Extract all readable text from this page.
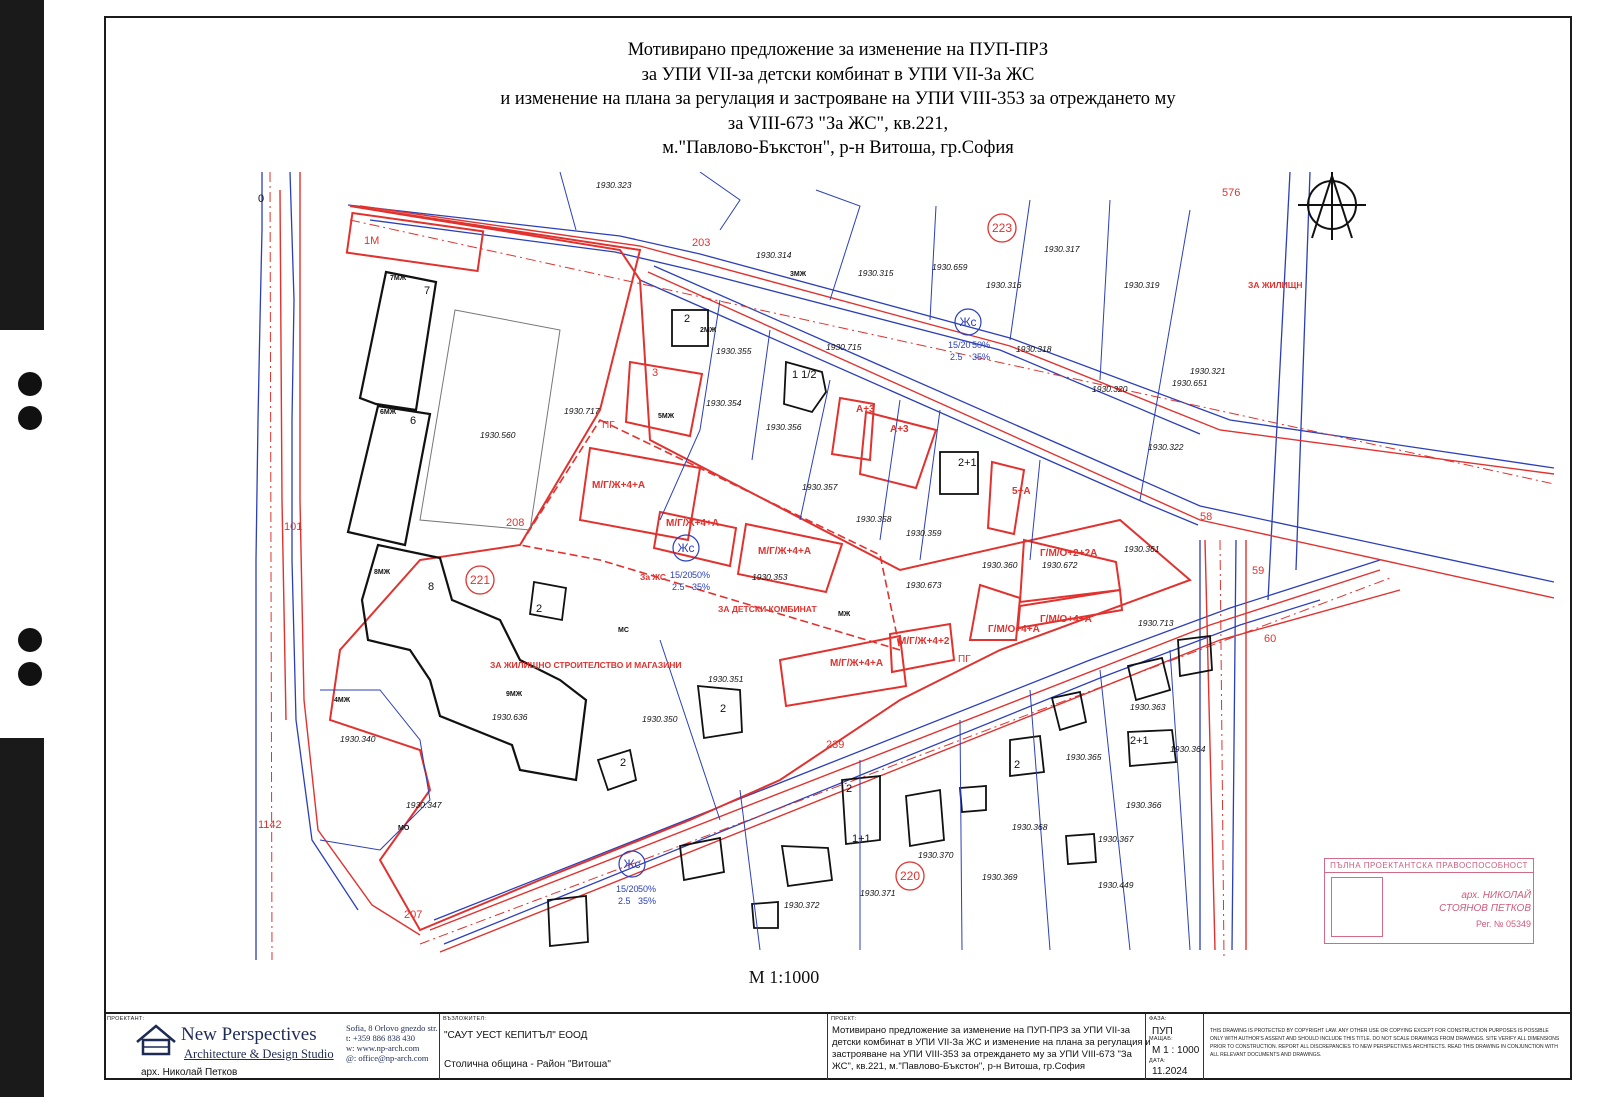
Мотивирано предложение за изменение на ПУП-ПРЗ
за УПИ VII-за детски комбинат в УПИ VII-За ЖС
и изменение на плана за регулация и застрояване на УПИ VIII-353 за отреждането му
за VIII-673 "За ЖС", кв.221,
м."Павлово-Бъкстон", р-н Витоша, гр.София
221
223
220
Жс
Жс
Жс
15/20 50%
2.5 35%
15/20 50%
2.5 35%
15/20 50%
2.5 35%
203
208
239
576
58
59
60
207
101
1142
0
1930.560
1930.717
1930.355	1930.715
1930.354
1930.356
1930.357
1930.358
1930.359
1930.360
1930.361
1930.672
1930.673
1930.713
1930.353
1930.351
1930.350
1930.636
1930.340
1930.347
1930.314
1930.323
1930.315
1930.659
1930.316
1930.317
1930.318
1930.319
1930.320
1930.321
1930.322
1930.651
1930.363
1930.364
1930.365
1930.366
1930.367
1930.368
1930.369
1930.370
1930.371
1930.372
1930.449
М/Г/Ж+4+А
М/Г/Ж+4+А
М/Г/Ж+4+А
М/Г/Ж+4+А
М/Г/Ж+4+2
Г/М/О+2+2А
Г/М/О+4+А
Г/М/О+4+А
5+А
А+3
А+3
1М
7
6
8
3
2
2
2
2	2
2
1 1/2
2+1
2+1
1+1
ЗА ДЕТСКИ КОМБИНАТ
ЗА ЖИЛИЩНО СТРОИТЕЛСТВО И МАГАЗИНИ
ЗА ЖИЛИЩН
За ЖС
ПГ
ПГ
7МЖ
6МЖ
8МЖ
9МЖ
5МЖ
4МЖ
3МЖ
2МЖ
МЖ
МС
МО
М 1:1000
ПЪЛНА ПРОЕКТАНТСКА ПРАВОСПОСОБНОСТ
арх. НИКОЛАЙ
СТОЯНОВ ПЕТКОВ
Рег. № 05349
ПРОЕКТАНТ:
New Perspectives
Architecture & Design Studio
арх. Николай Петков
Sofia, 8 Orlovo gnezdo str.
t: +359 886 838 430
w: www.np-arch.com
@: office@np-arch.com
ВЪЗЛОЖИТЕЛ:
"САУТ УЕСТ КЕПИТЪЛ" ЕООД
Столична община - Район "Витоша"
ПРОЕКТ:
Мотивирано предложение за изменение на ПУП-ПРЗ за УПИ VII-за детски комбинат в УПИ VII-За ЖС и изменение на плана за регулация и застрояване на УПИ VIII-353 за отреждането му за УПИ VIII-673 "За ЖС", кв.221, м."Павлово-Бъкстон", р-н Витоша, гр.София
ФАЗА:
ПУП
МАЩАБ:
М 1 : 1000
ДАТА:
11.2024
THIS DRAWING IS PROTECTED BY COPYRIGHT LAW. ANY OTHER USE OR COPYING EXCEPT FOR CONSTRUCTION PURPOSES IS POSSIBLE ONLY WITH AUTHOR'S ASSENT AND SHOULD INCLUDE THIS TITLE. DO NOT SCALE DRAWINGS FROM DRAWINGS. SITE VERIFY ALL DIMENSIONS PRIOR TO CONSTRUCTION. REPORT ALL DISCREPANCIES TO NEW PERSPECTIVES ARCHITECTS. READ THIS DRAWING IN CONJUNCTION WITH ALL RELEVANT DOCUMENTS AND DRAWINGS.
